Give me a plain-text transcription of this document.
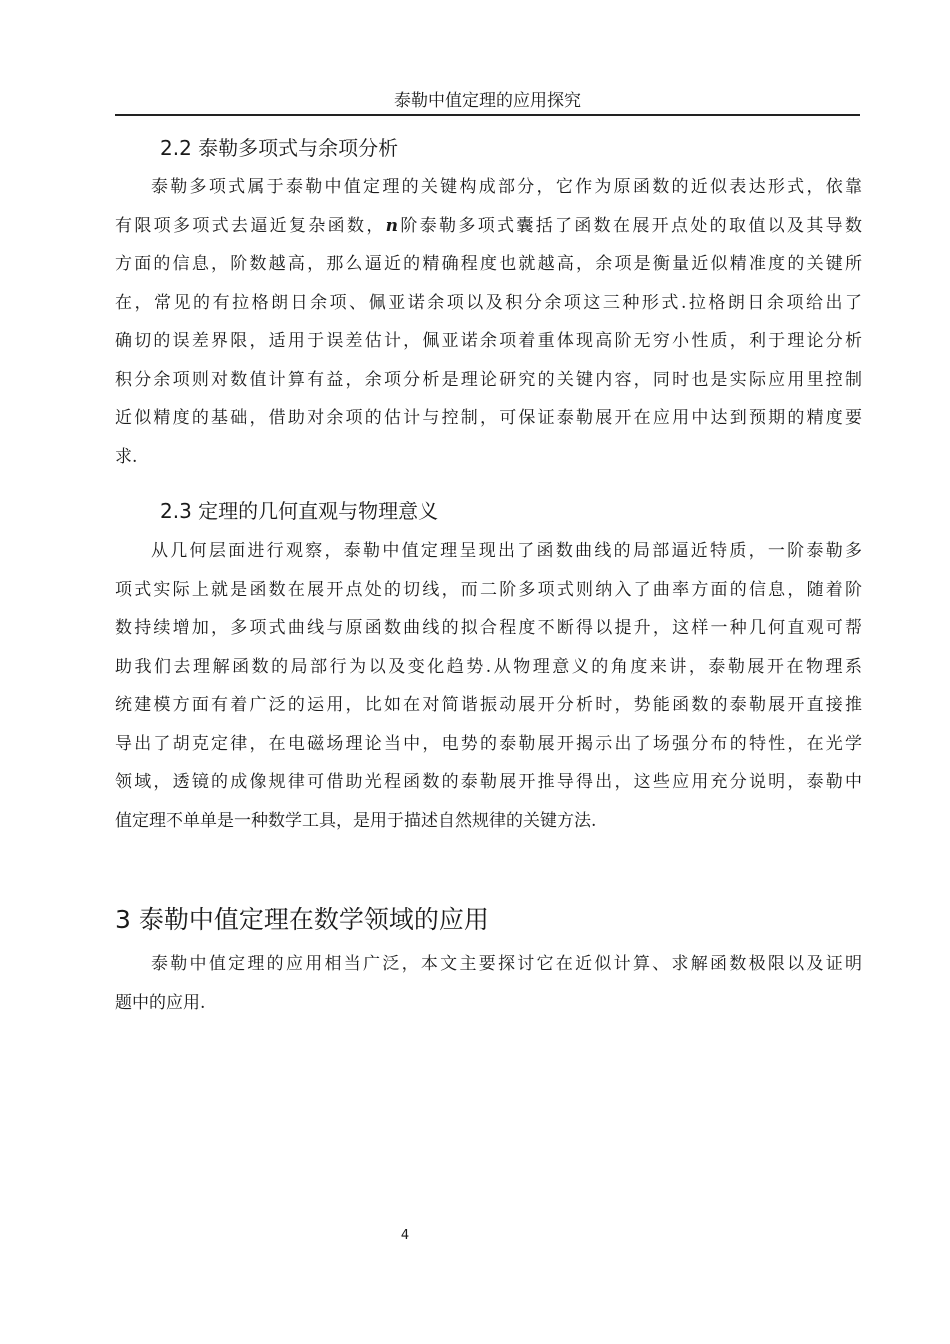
泰勒中值定理的应用探究
2.2 泰勒多项式与余项分析
泰勒多项式属于泰勒中值定理的关键构成部分，它作为原函数的近似表达形式，依靠
有限项多项式去逼近复杂函数，n阶泰勒多项式囊括了函数在展开点处的取值以及其导数
方面的信息，阶数越高，那么逼近的精确程度也就越高，余项是衡量近似精准度的关键所
在，常见的有拉格朗日余项、佩亚诺余项以及积分余项这三种形式.拉格朗日余项给出了
确切的误差界限，适用于误差估计，佩亚诺余项着重体现高阶无穷小性质，利于理论分析
积分余项则对数值计算有益，余项分析是理论研究的关键内容，同时也是实际应用里控制
近似精度的基础，借助对余项的估计与控制，可保证泰勒展开在应用中达到预期的精度要
求.
2.3 定理的几何直观与物理意义
从几何层面进行观察，泰勒中值定理呈现出了函数曲线的局部逼近特质，一阶泰勒多
项式实际上就是函数在展开点处的切线，而二阶多项式则纳入了曲率方面的信息，随着阶
数持续增加，多项式曲线与原函数曲线的拟合程度不断得以提升，这样一种几何直观可帮
助我们去理解函数的局部行为以及变化趋势.从物理意义的角度来讲，泰勒展开在物理系
统建模方面有着广泛的运用，比如在对简谐振动展开分析时，势能函数的泰勒展开直接推
导出了胡克定律，在电磁场理论当中，电势的泰勒展开揭示出了场强分布的特性，在光学
领域，透镜的成像规律可借助光程函数的泰勒展开推导得出，这些应用充分说明，泰勒中
值定理不单单是一种数学工具，是用于描述自然规律的关键方法.
3 泰勒中值定理在数学领域的应用
泰勒中值定理的应用相当广泛，本文主要探讨它在近似计算、求解函数极限以及证明
题中的应用.
4
